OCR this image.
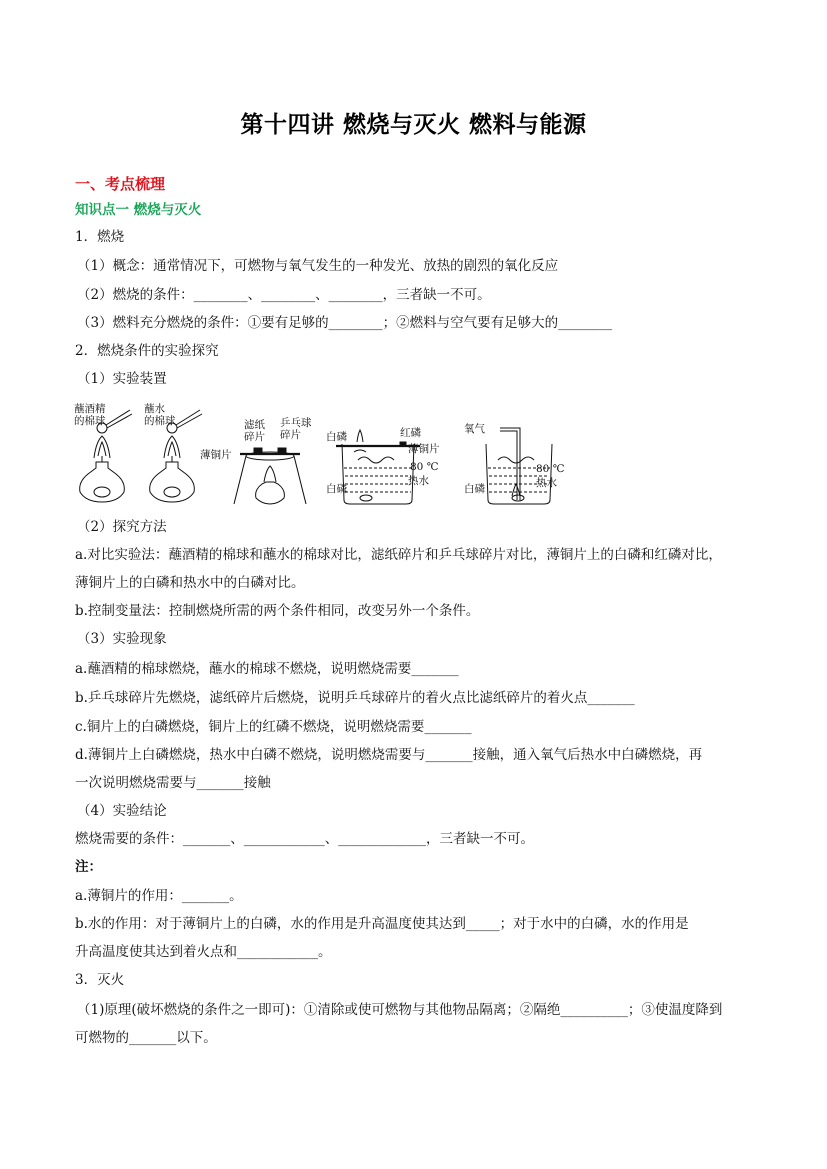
第十四讲 燃烧与灭火 燃料与能源
一、考点梳理
知识点一 燃烧与灭火
1．燃烧
（1）概念：通常情况下，可燃物与氧气发生的一种发光、放热的剧烈的氧化反应
（2）燃烧的条件：________、________、________，三者缺一不可。
（3）燃料充分燃烧的条件：①要有足够的________；②燃料与空气要有足够大的________
2．燃烧条件的实验探究
（1）实验装置
蘸酒精
的棉球
蘸水
的棉球	滤纸
碎片
乒乓球
碎片
薄铜片
白磷	红磷
薄铜片
80 ℃
热水
白磷
氧气
80 ℃
热水
白磷
（2）探究方法
a.对比实验法：蘸酒精的棉球和蘸水的棉球对比，滤纸碎片和乒乓球碎片对比，薄铜片上的白磷和红磷对比，
薄铜片上的白磷和热水中的白磷对比。
b.控制变量法：控制燃烧所需的两个条件相同，改变另外一个条件。
（3）实验现象
a.蘸酒精的棉球燃烧，蘸水的棉球不燃烧，说明燃烧需要_______
b.乒乓球碎片先燃烧，滤纸碎片后燃烧，说明乒乓球碎片的着火点比滤纸碎片的着火点_______
c.铜片上的白磷燃烧，铜片上的红磷不燃烧，说明燃烧需要_______
d.薄铜片上白磷燃烧，热水中白磷不燃烧，说明燃烧需要与_______接触，通入氧气后热水中白磷燃烧，再
一次说明燃烧需要与_______接触
（4）实验结论
燃烧需要的条件：_______、____________、_____________，三者缺一不可。
注：
a.薄铜片的作用：_______。
b.水的作用：对于薄铜片上的白磷，水的作用是升高温度使其达到_____；对于水中的白磷，水的作用是
升高温度使其达到着火点和____________。
3．灭火
（1)原理(破坏燃烧的条件之一即可)：①清除或使可燃物与其他物品隔离；②隔绝__________；③使温度降到
可燃物的_______以下。
